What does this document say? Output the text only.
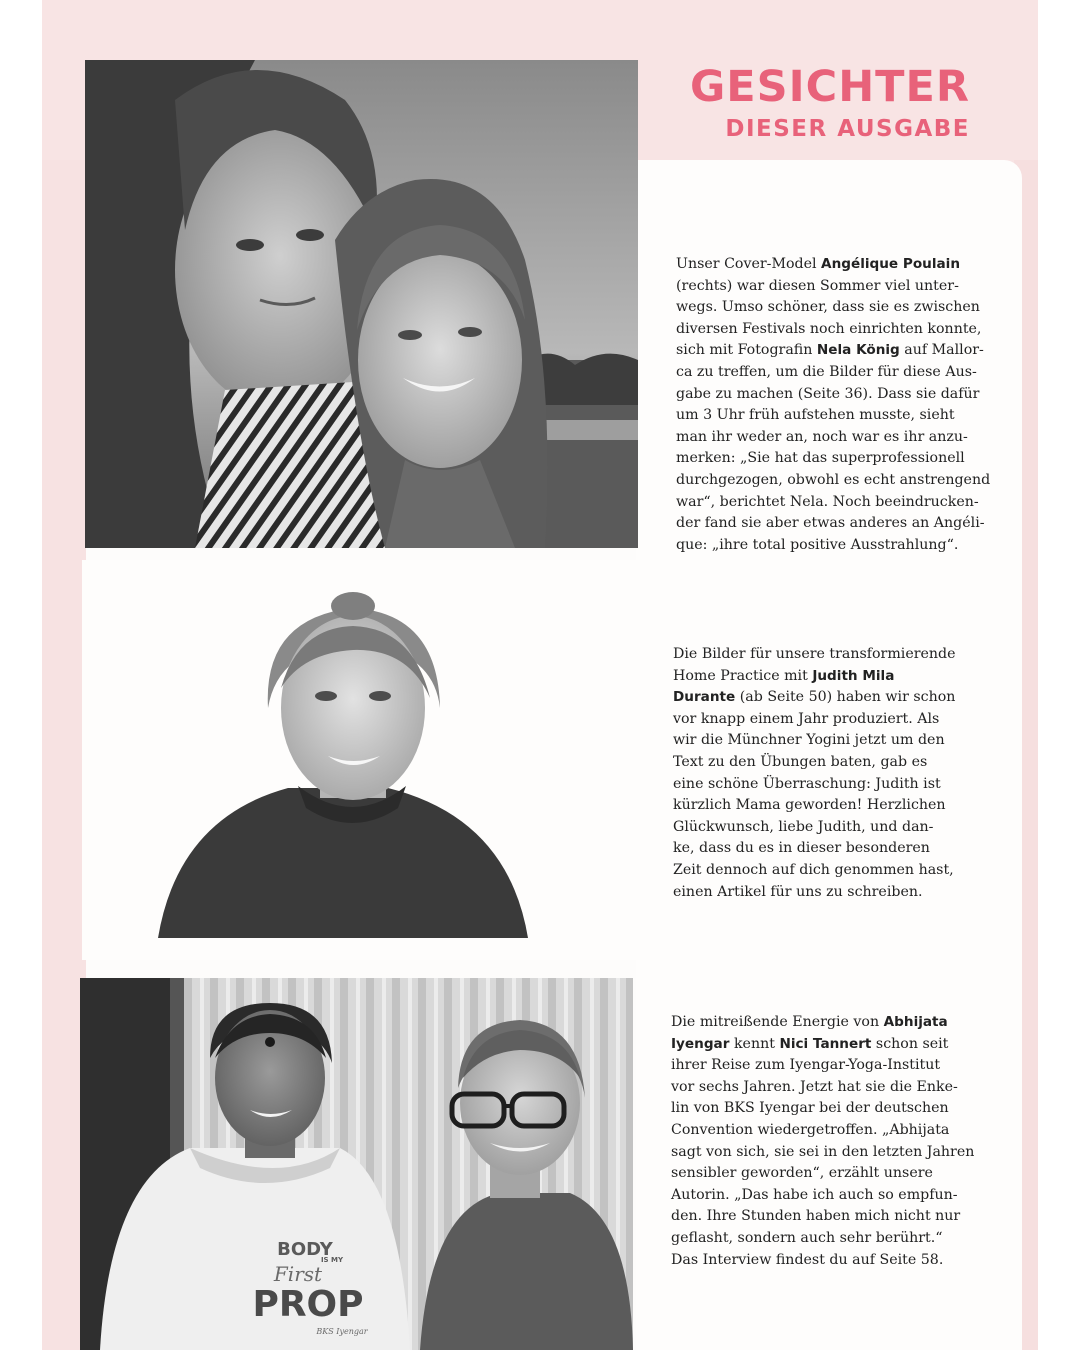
GESICHTER
DIESER AUSGABE
BODY
IS MY
First
PROP
BKS Iyengar
Unser Cover-Model Angélique Poulain
(rechts) war diesen Sommer viel unter-
wegs. Umso schöner, dass sie es zwischen
diversen Festivals noch einrichten konnte,
sich mit Fotografin Nela König auf Mallor-
ca zu treffen, um die Bilder für diese Aus-
gabe zu machen (Seite 36). Dass sie dafür
um 3 Uhr früh aufstehen musste, sieht
man ihr weder an, noch war es ihr anzu-
merken: „Sie hat das superprofessionell
durchgezogen, obwohl es echt anstrengend
war“, berichtet Nela. Noch beeindrucken-
der fand sie aber etwas anderes an Angéli-
que: „ihre total positive Ausstrahlung“.
Die Bilder für unsere transformierende
Home Practice mit Judith Mila
Durante (ab Seite 50) haben wir schon
vor knapp einem Jahr produziert. Als
wir die Münchner Yogini jetzt um den
Text zu den Übungen baten, gab es
eine schöne Überraschung: Judith ist
kürzlich Mama geworden! Herzlichen
Glückwunsch, liebe Judith, und dan-
ke, dass du es in dieser besonderen
Zeit dennoch auf dich genommen hast,
einen Artikel für uns zu schreiben.
Die mitreißende Energie von Abhijata
Iyengar kennt Nici Tannert schon seit
ihrer Reise zum Iyengar-Yoga-Institut
vor sechs Jahren. Jetzt hat sie die Enke-
lin von BKS Iyengar bei der deutschen
Convention wiedergetroffen. „Abhijata
sagt von sich, sie sei in den letzten Jahren
sensibler geworden“, erzählt unsere
Autorin. „Das habe ich auch so empfun-
den. Ihre Stunden haben mich nicht nur
geflasht, sondern auch sehr berührt.“
Das Interview findest du auf Seite 58.
